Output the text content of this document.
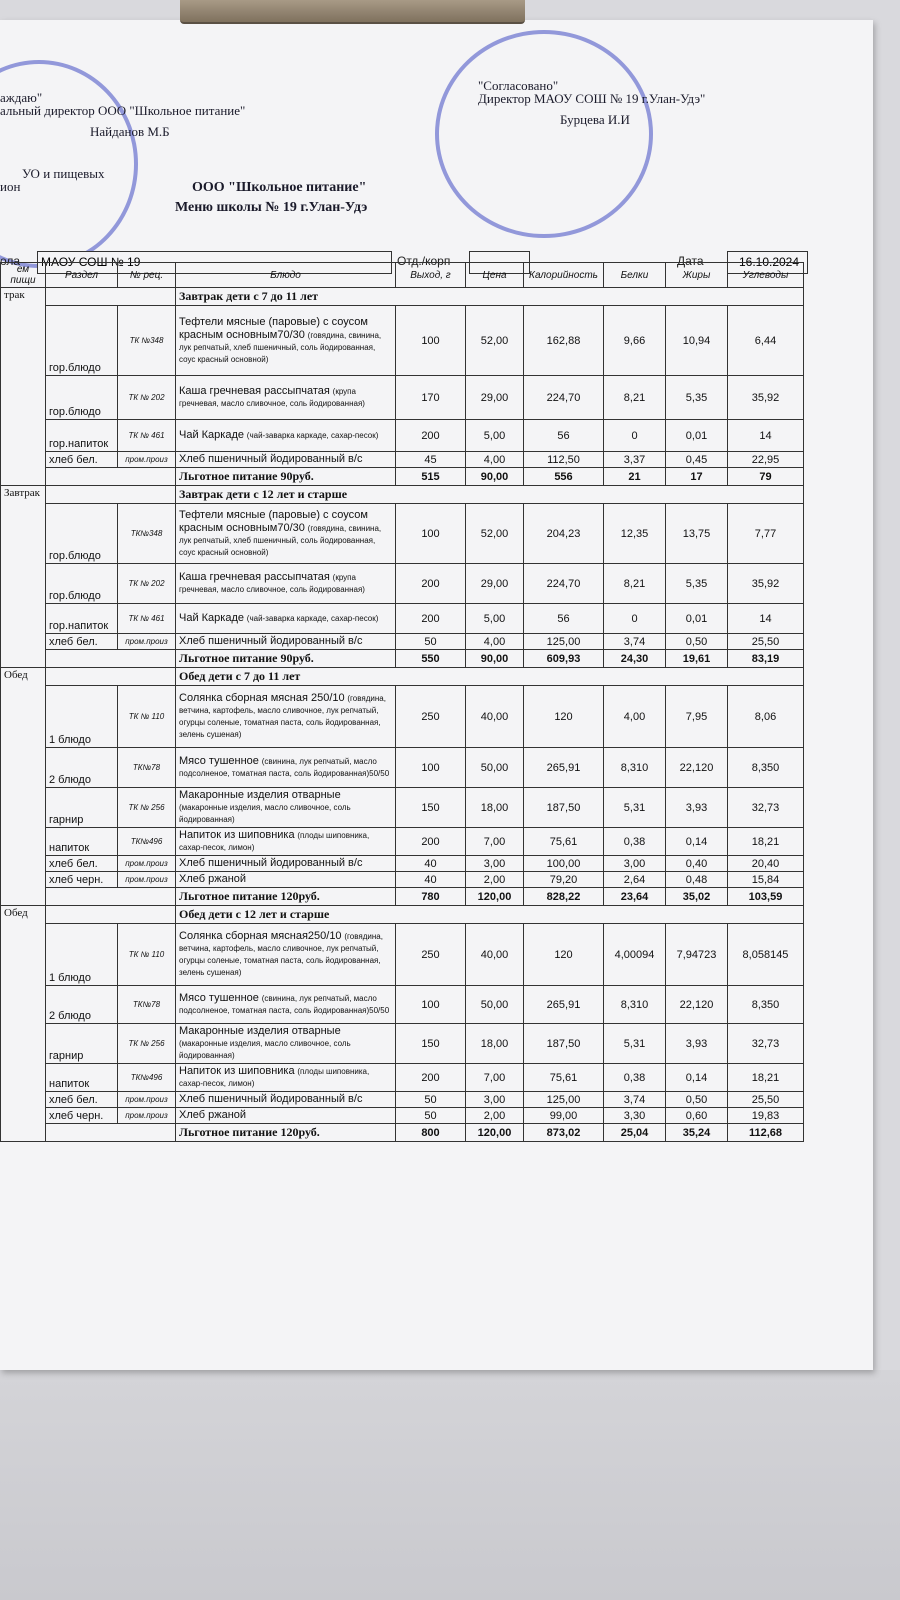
аждаю"
альный директор ООО "Школьное питание"
Найданов М.Б
УО и пищевых
ион
"Согласовано"
Директор МАОУ СОШ № 19 г.Улан-Удэ"
Бурцева И.И
ООО "Школьное питание"
Меню школы № 19 г.Улан-Удэ
ола	МАОУ СОШ № 19	Отд./корп	Дата	16.10.2024
ем пищи	Раздел	№ рец.	Блюдо	Выход, г	Цена	Калорийность	Белки	Жиры	Углеводы
трак			Завтрак дети с 7 до 11 лет						
	гор.блюдо	ТК №348	Тефтели мясные (паровые) с соусом красным основным70/30 (говядина, свинина, лук репчатый, хлеб пшеничный, соль йодированная, соус красный основной)	100	52,00	162,88	9,66	10,94	6,44
	гор.блюдо	ТК № 202	Каша гречневая рассыпчатая (крупа гречневая, масло сливочное, соль йодированная)	170	29,00	224,70	8,21	5,35	35,92
	гор.напиток	ТК № 461	Чай Каркаде (чай-заварка каркаде, сахар-песок)	200	5,00	56	0	0,01	14
	хлеб бел.	пром.произ	Хлеб пшеничный йодированный в/с	45	4,00	112,50	3,37	0,45	22,95
			Льготное питание 90руб.	515	90,00	556	21	17	79
Завтрак			Завтрак дети с 12 лет и старше						
	гор.блюдо	ТК№348	Тефтели мясные (паровые) с соусом красным основным70/30 (говядина, свинина, лук репчатый, хлеб пшеничный, соль йодированная, соус красный основной)	100	52,00	204,23	12,35	13,75	7,77
	гор.блюдо	ТК № 202	Каша гречневая рассыпчатая (крупа гречневая, масло сливочное, соль йодированная)	200	29,00	224,70	8,21	5,35	35,92
	гор.напиток	ТК № 461	Чай Каркаде (чай-заварка каркаде, сахар-песок)	200	5,00	56	0	0,01	14
	хлеб бел.	пром.произ	Хлеб пшеничный йодированный в/с	50	4,00	125,00	3,74	0,50	25,50
			Льготное питание 90руб.	550	90,00	609,93	24,30	19,61	83,19
Обед			Обед дети с 7 до 11 лет						
	1 блюдо	ТК № 110	Солянка сборная мясная 250/10 (говядина, ветчина, картофель, масло сливочное, лук репчатый, огурцы соленые, томатная паста, соль йодированная, зелень сушеная)	250	40,00	120	4,00	7,95	8,06
	2 блюдо	ТК№78	Мясо тушенное (свинина, лук репчатый, масло подсолненое, томатная паста, соль йодированная)50/50	100	50,00	265,91	8,310	22,120	8,350
	гарнир	ТК № 256	Макаронные изделия отварные (макаронные изделия, масло сливочное, соль йодированная)	150	18,00	187,50	5,31	3,93	32,73
	напиток	ТК№496	Напиток из шиповника (плоды шиповника, сахар-песок, лимон)	200	7,00	75,61	0,38	0,14	18,21
	хлеб бел.	пром.произ	Хлеб пшеничный йодированный в/с	40	3,00	100,00	3,00	0,40	20,40
	хлеб черн.	пром.произ	Хлеб ржаной	40	2,00	79,20	2,64	0,48	15,84
			Льготное питание 120руб.	780	120,00	828,22	23,64	35,02	103,59
Обед			Обед дети с 12 лет и старше						
	1 блюдо	ТК № 110	Солянка сборная мясная250/10 (говядина, ветчина, картофель, масло сливочное, лук репчатый, огурцы соленые, томатная паста, соль йодированная, зелень сушеная)	250	40,00	120	4,00094	7,94723	8,058145
	2 блюдо	ТК№78	Мясо тушенное (свинина, лук репчатый, масло подсолненое, томатная паста, соль йодированная)50/50	100	50,00	265,91	8,310	22,120	8,350
	гарнир	ТК № 256	Макаронные изделия отварные (макаронные изделия, масло сливочное, соль йодированная)	150	18,00	187,50	5,31	3,93	32,73
	напиток	ТК№496	Напиток из шиповника (плоды шиповника, сахар-песок, лимон)	200	7,00	75,61	0,38	0,14	18,21
	хлеб бел.	пром.произ	Хлеб пшеничный йодированный в/с	50	3,00	125,00	3,74	0,50	25,50
	хлеб черн.	пром.произ	Хлеб ржаной	50	2,00	99,00	3,30	0,60	19,83
			Льготное питание 120руб.	800	120,00	873,02	25,04	35,24	112,68
